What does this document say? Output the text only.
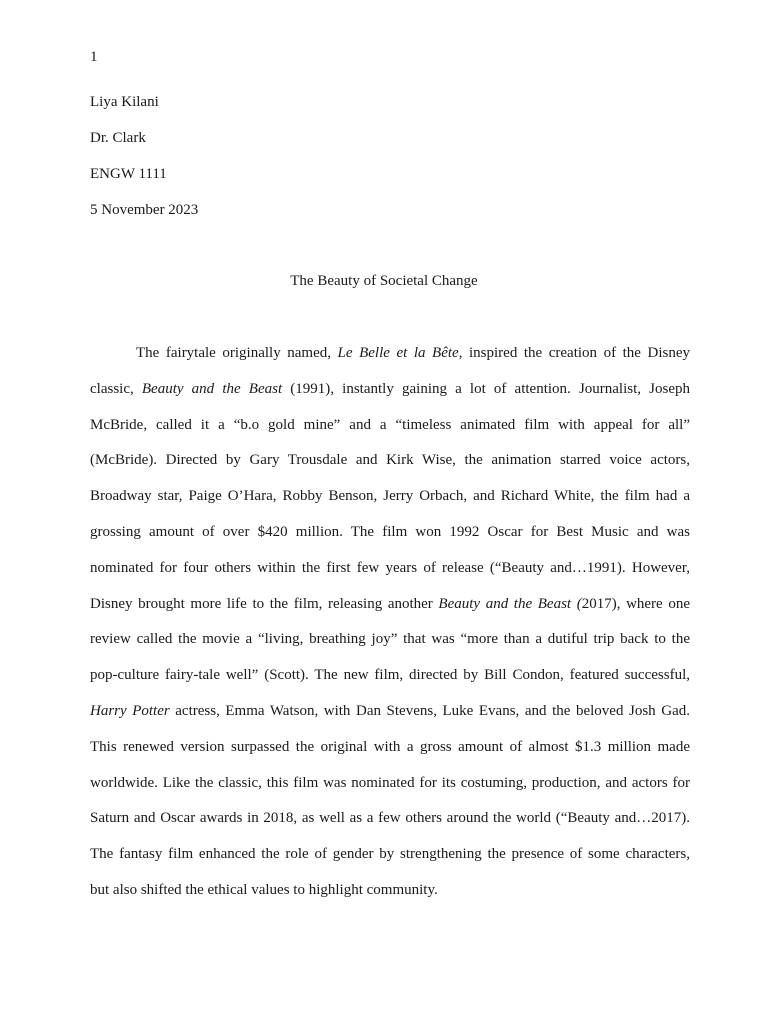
1
Liya Kilani
Dr. Clark
ENGW 1111
5 November 2023
The Beauty of Societal Change
The fairytale originally named, Le Belle et la Bête, inspired the creation of the Disney
classic, Beauty and the Beast (1991), instantly gaining a lot of attention. Journalist, Joseph
McBride, called it a “b.o gold mine” and a “timeless animated film with appeal for all”
(McBride). Directed by Gary Trousdale and Kirk Wise, the animation starred voice actors,
Broadway star, Paige O’Hara, Robby Benson, Jerry Orbach, and Richard White, the film had a
grossing amount of over $420 million. The film won 1992 Oscar for Best Music and was
nominated for four others within the first few years of release (“Beauty and…1991). However,
Disney brought more life to the film, releasing another Beauty and the Beast (2017), where one
review called the movie a “living, breathing joy” that was “more than a dutiful trip back to the
pop-culture fairy-tale well” (Scott). The new film, directed by Bill Condon, featured successful,
Harry Potter actress, Emma Watson, with Dan Stevens, Luke Evans, and the beloved Josh Gad.
This renewed version surpassed the original with a gross amount of almost $1.3 million made
worldwide. Like the classic, this film was nominated for its costuming, production, and actors for
Saturn and Oscar awards in 2018, as well as a few others around the world (“Beauty and…2017).
The fantasy film enhanced the role of gender by strengthening the presence of some characters,
but also shifted the ethical values to highlight community.
